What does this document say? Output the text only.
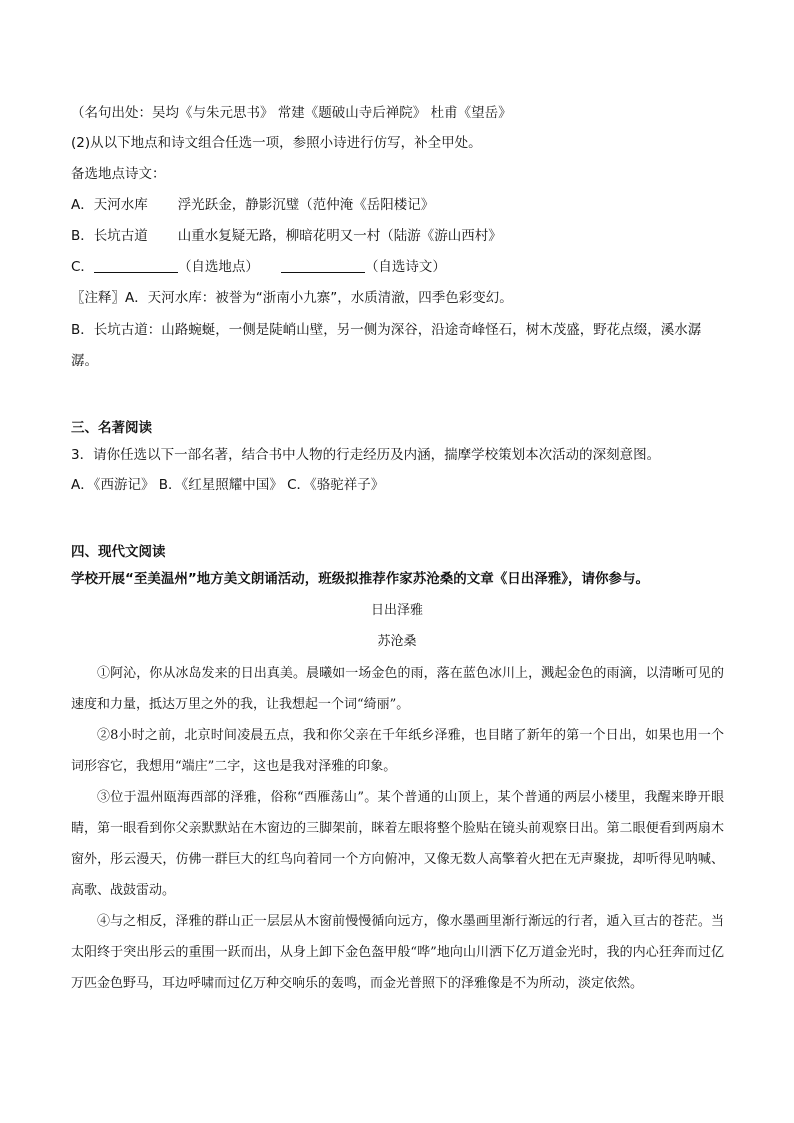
（名句出处：吴均《与朱元思书》 常建《题破山寺后禅院》 杜甫《望岳》
(2)从以下地点和诗文组合任选一项，参照小诗进行仿写，补全甲处。
备选地点诗文：
A．天河水库 浮光跃金，静影沉璧（范仲淹《岳阳楼记》
B．长坑古道 山重水复疑无路，柳暗花明又一村（陆游《游山西村》
C．	（自选地点）	（自选诗文）
〖注释〗A．天河水库：被誉为“浙南小九寨”，水质清澈，四季色彩变幻。
B．长坑古道：山路蜿蜒，一侧是陡峭山壁，另一侧为深谷，沿途奇峰怪石，树木茂盛，野花点缀，溪水潺
潺。
三、名著阅读
3．请你任选以下一部名著，结合书中人物的行走经历及内涵，揣摩学校策划本次活动的深刻意图。
A．《西游记》 B．《红星照耀中国》 C．《骆驼祥子》
四、现代文阅读
学校开展“至美温州”地方美文朗诵活动，班级拟推荐作家苏沧桑的文章《日出泽雅》，请你参与。
日出泽雅
苏沧桑

①阿沁，你从冰岛发来的日出真美。晨曦如一场金色的雨，落在蓝色冰川上，溅起金色的雨滴，以清晰可见的速度和力量，抵达万里之外的我，让我想起一个词“绮丽”。

②8小时之前，北京时间凌晨五点，我和你父亲在千年纸乡泽雅，也目睹了新年的第一个日出，如果也用一个词形容它，我想用“端庄”二字，这也是我对泽雅的印象。

③位于温州瓯海西部的泽雅，俗称“西雁荡山”。某个普通的山顶上，某个普通的两层小楼里，我醒来睁开眼睛，第一眼看到你父亲默默站在木窗边的三脚架前，眯着左眼将整个脸贴在镜头前观察日出。第二眼便看到两扇木窗外，彤云漫天，仿佛一群巨大的红鸟向着同一个方向俯冲，又像无数人高擎着火把在无声聚拢，却听得见呐喊、高歌、战鼓雷动。

④与之相反，泽雅的群山正一层层从木窗前慢慢循向远方，像水墨画里渐行渐远的行者，遁入亘古的苍茫。当太阳终于突出彤云的重围一跃而出，从身上卸下金色盔甲般“哗”地向山川洒下亿万道金光时，我的内心狂奔而过亿万匹金色野马，耳边呼啸而过亿万种交响乐的轰鸣，而金光普照下的泽雅像是不为所动，淡定依然。
